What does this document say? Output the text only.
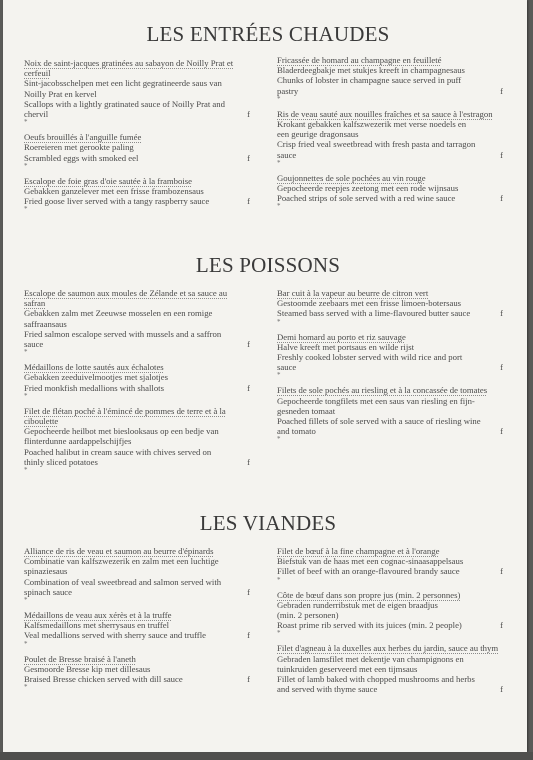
LES ENTRÉES CHAUDES
Noix de saint-jacques gratinées au sabayon de Noilly Prat et cerfeuil
Sint-jacobsschelpen met een licht gegratineerde saus van
Noilly Prat en kervel
Scallops with a lightly gratinated sauce of Noilly Prat and
chervil	f
*
Oeufs brouillés à l'anguille fumée
Roereieren met gerookte paling
Scrambled eggs with smoked eel	f
*
Escalope de foie gras d'oie sautée à la framboise
Gebakken ganzelever met een frisse frambozensaus
Fried goose liver served with a tangy raspberry sauce	f
*
Fricassée de homard au champagne en feuilleté
Bladerdeegbakje met stukjes kreeft in champagnesaus
Chunks of lobster in champagne sauce served in puff
pastry	f
*
Ris de veau sauté aux nouilles fraîches et sa sauce à l'estragon
Krokant gebakken kalfszwezerik met verse noedels en
een geurige dragonsaus
Crisp fried veal sweetbread with fresh pasta and tarragon
sauce	f
*
Goujonnettes de sole pochées au vin rouge
Gepocheerde reepjes zeetong met een rode wijnsaus
Poached strips of sole served with a red wine sauce	f
*
LES POISSONS
Escalope de saumon aux moules de Zélande et sa sauce au safran
Gebakken zalm met Zeeuwse mosselen en een romige
saffraansaus
Fried salmon escalope served with mussels and a saffron
sauce	f
*
Médaillons de lotte sautés aux échalotes
Gebakken zeeduivelmootjes met sjalotjes
Fried monkfish medallions with shallots	f
*
Filet de flétan poché à l'émincé de pommes de terre et à la ciboulette
Gepocheerde heilbot met bieslooksaus op een bedje van
flinterdunne aardappelschijfjes
Poached halibut in cream sauce with chives served on
thinly sliced potatoes	f
*
Bar cuit à la vapeur au beurre de citron vert
Gestoomde zeebaars met een frisse limoen-botersaus
Steamed bass served with a lime-flavoured butter sauce	f
*
Demi homard au porto et riz sauvage
Halve kreeft met portsaus en wilde rijst
Freshly cooked lobster served with wild rice and port
sauce	f
*
Filets de sole pochés au riesling et à la concassée de tomates
Gepocheerde tongfilets met een saus van riesling en fijn-
gesneden tomaat
Poached fillets of sole served with a sauce of riesling wine
and tomato	f
*
LES VIANDES
Alliance de ris de veau et saumon au beurre d'épinards
Combinatie van kalfszwezerik en zalm met een luchtige
spinaziesaus
Combination of veal sweetbread and salmon served with
spinach sauce	f
*
Médaillons de veau aux xérès et à la truffe
Kalfsmedaillons met sherrysaus en truffel
Veal medallions served with sherry sauce and truffle	f
*
Poulet de Bresse braisé à l'aneth
Gesmoorde Bresse kip met dillesaus
Braised Bresse chicken served with dill sauce	f
*
Filet de bœuf à la fine champagne et à l'orange
Biefstuk van de haas met een cognac-sinaasappelsaus
Fillet of beef with an orange-flavoured brandy sauce	f
*
Côte de bœuf dans son propre jus (min. 2 personnes)
Gebraden runderribstuk met de eigen braadjus
(min. 2 personen)
Roast prime rib served with its juices (min. 2 people)	f
*
Filet d'agneau à la duxelles aux herbes du jardin, sauce au thym
Gebraden lamsfilet met dekentje van champignons en
tuinkruiden geserveerd met een tijmsaus
Fillet of lamb baked with chopped mushrooms and herbs
and served with thyme sauce	f
